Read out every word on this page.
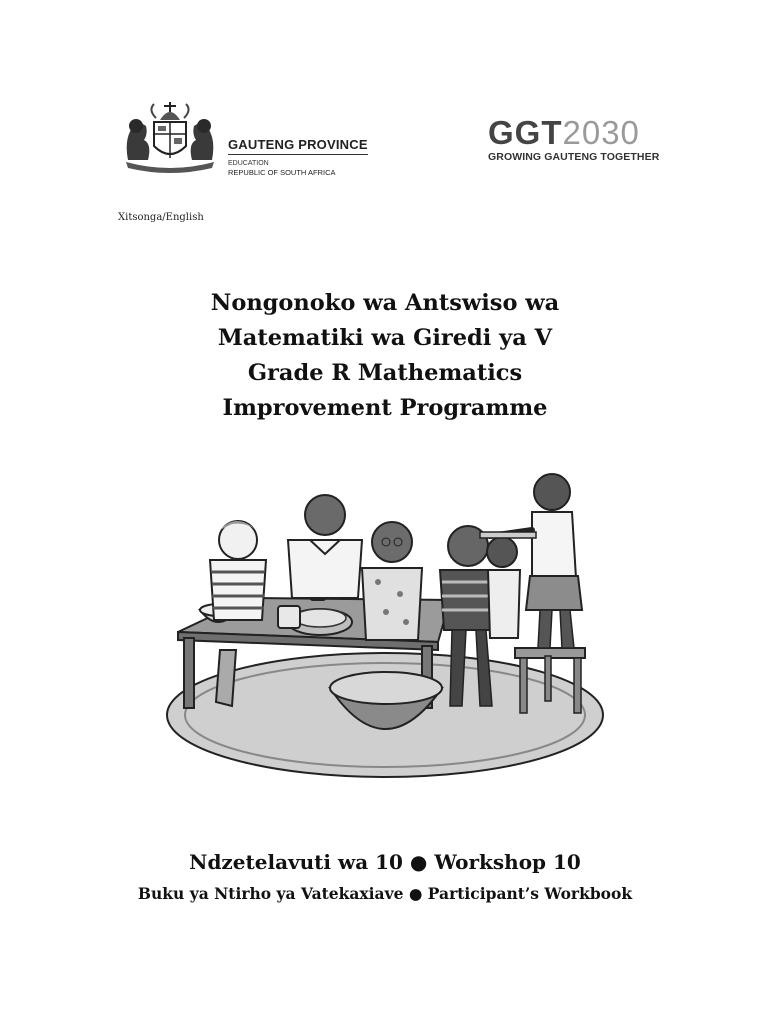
GAUTENG PROVINCE
EDUCATION
REPUBLIC OF SOUTH AFRICA
GGT2030
GROWING GAUTENG TOGETHER
Xitsonga/English
Nongonoko wa Antswiso wa
Matematiki wa Giredi ya V
Grade R Mathematics
Improvement Programme
Ndzetelavuti wa 10 ● Workshop 10
Buku ya Ntirho ya Vatekaxiave ● Participant’s Workbook
